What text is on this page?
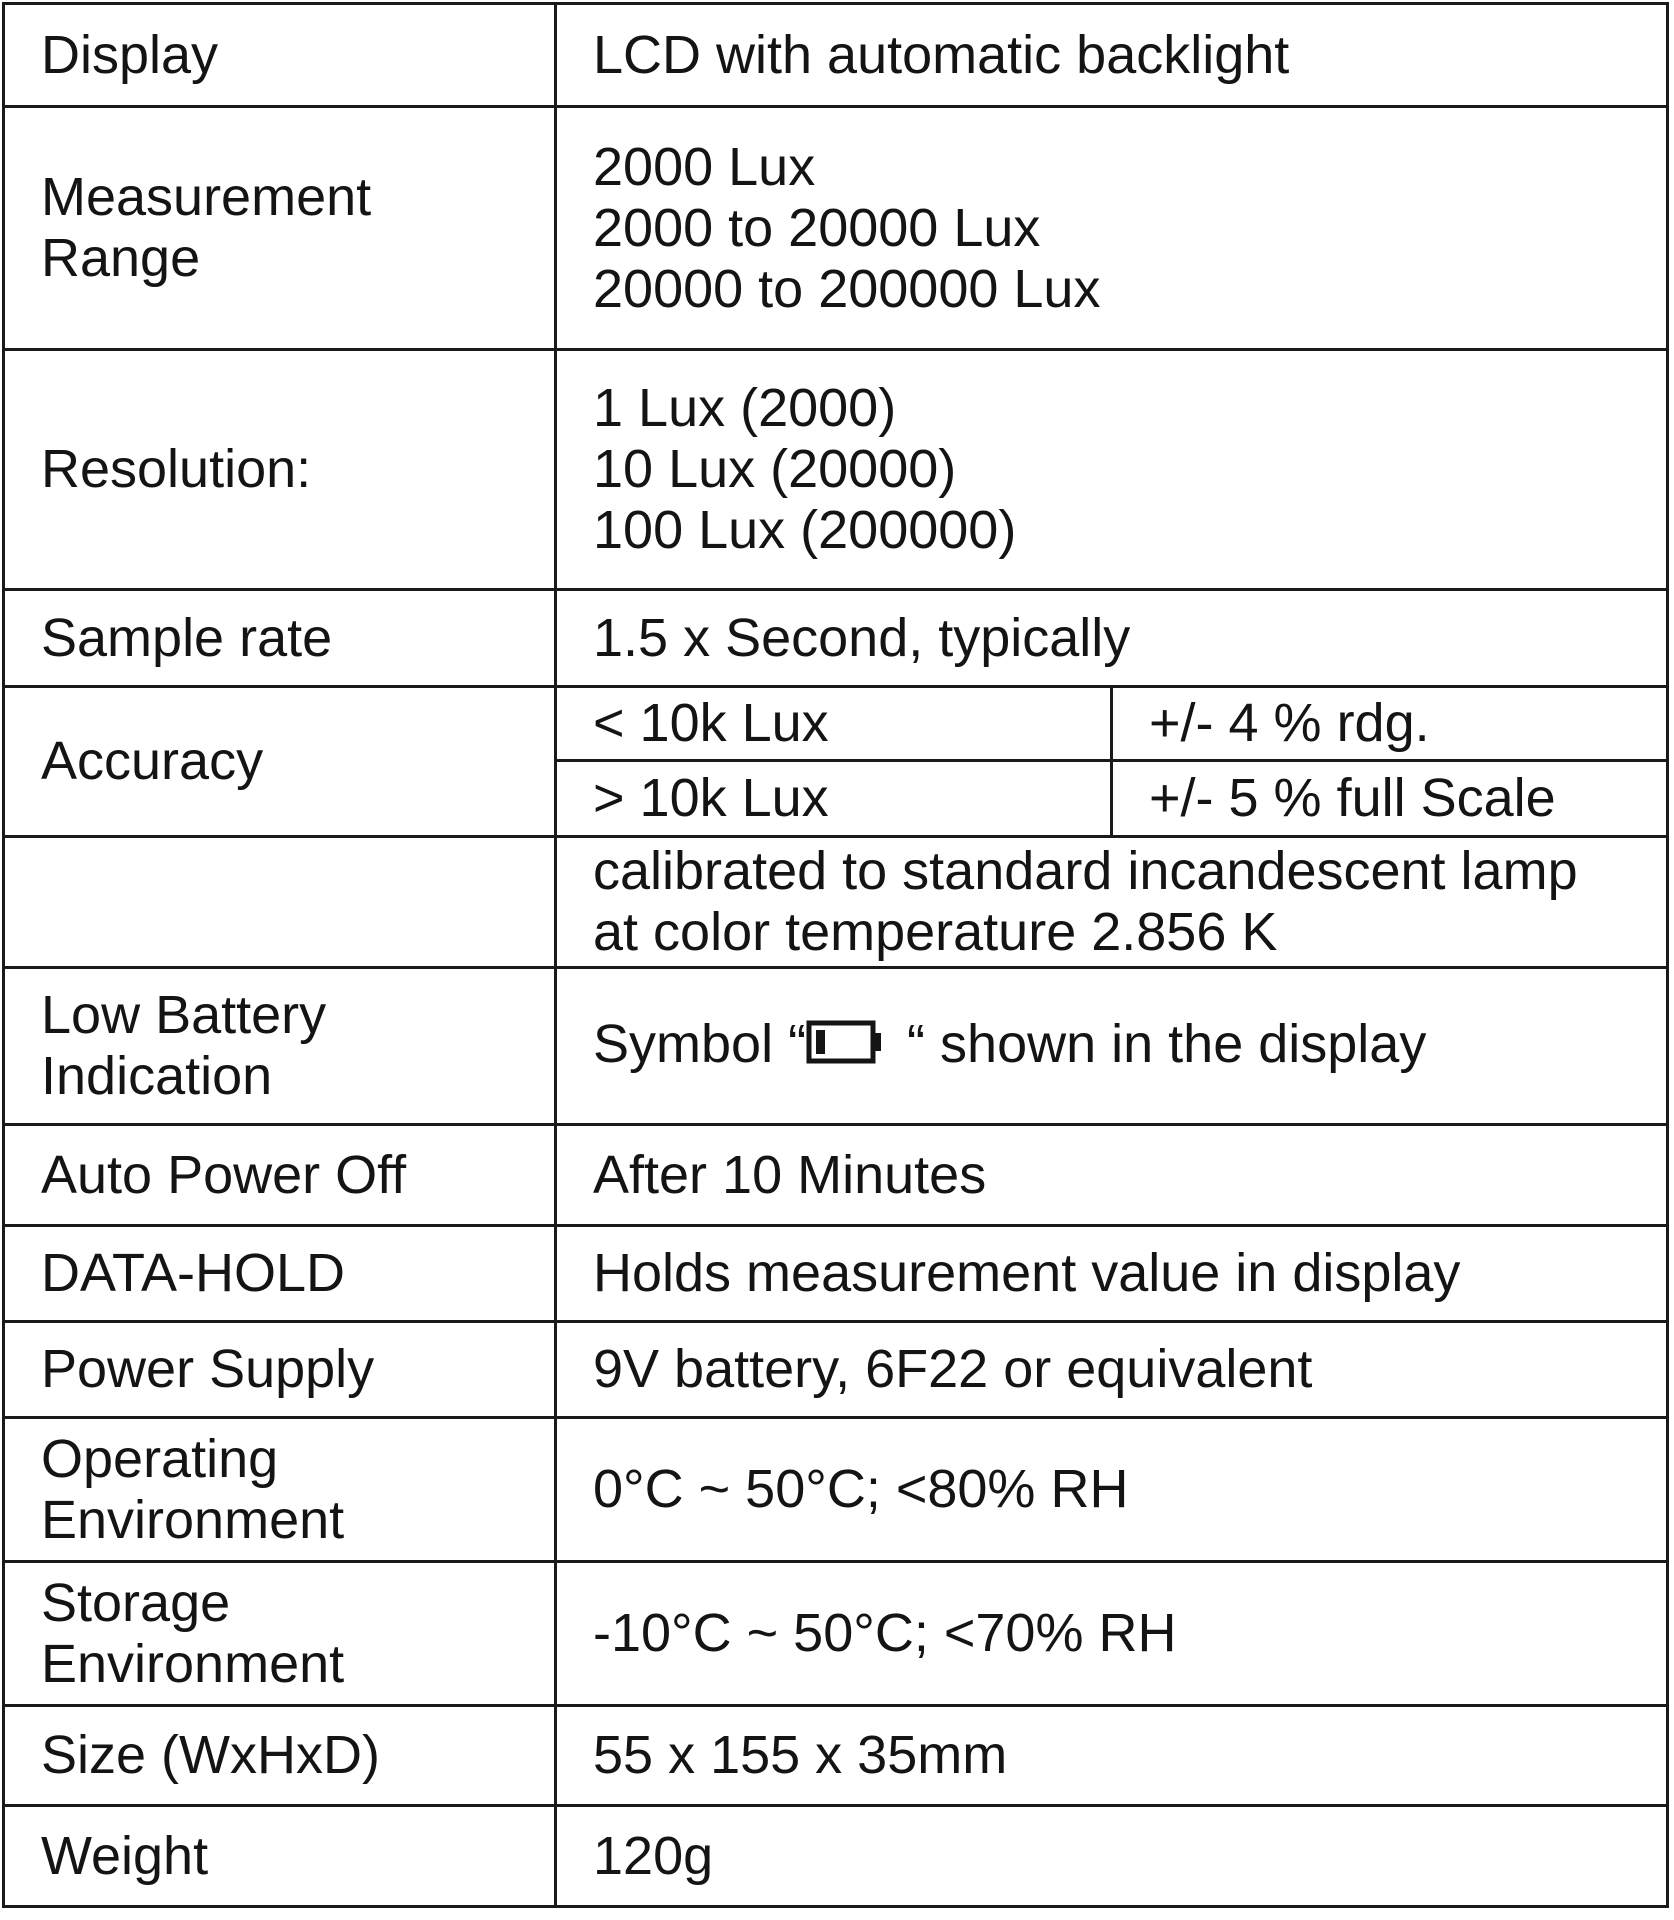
Display	LCD with automatic backlight	

Measurement
Range	2000 Lux
2000 to 20000 Lux
20000 to 200000 Lux	

Resolution:	1 Lux (2000)
10 Lux (20000)
100 Lux (200000)	

Sample rate	1.5 x Second, typically	
Accuracy	< 10k Lux	+/- 4 % rdg.
	> 10k Lux	+/- 5 % full Scale

	calibrated to standard incandescent lamp
at color temperature 2.856 K	

Low Battery
Indication	Symbol “ “ shown in the display	
Auto Power Off	After 10 Minutes	
DATA-HOLD	Holds measurement value in display	
Power Supply	9V battery, 6F22 or equivalent	

Operating
Environment	0°C ~ 50°C; <80% RH	

Storage
Environment	-10°C ~ 50°C; <70% RH	
Size (WxHxD)	55 x 155 x 35mm	
Weight	120g	
